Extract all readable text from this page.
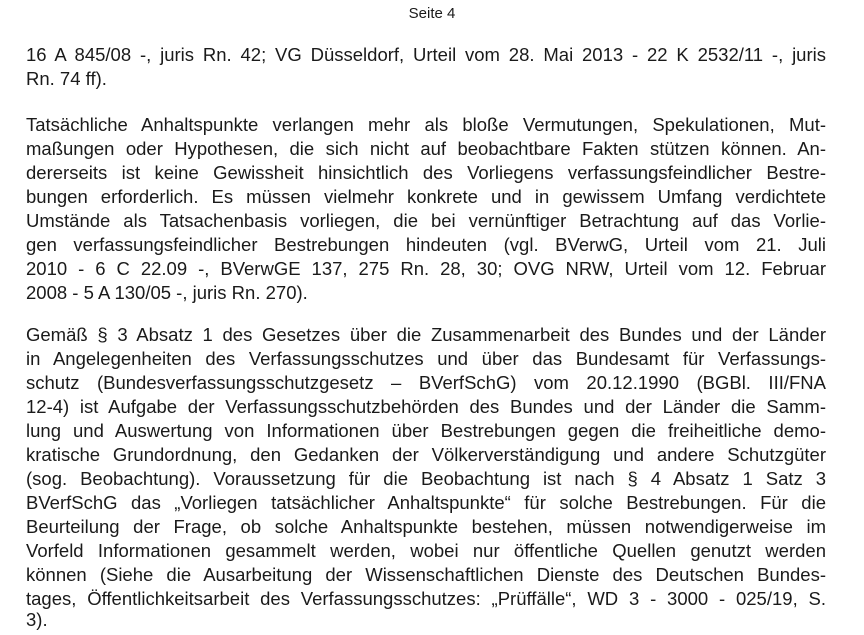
Seite 4
16 A 845/08 -, juris Rn. 42; VG Düsseldorf, Urteil vom 28. Mai 2013 - 22 K 2532/11 -, juris
Rn. 74 ff).
Tatsächliche Anhaltspunkte verlangen mehr als bloße Vermutungen, Spekulationen, Mut-
maßungen oder Hypothesen, die sich nicht auf beobachtbare Fakten stützen können. An-
dererseits ist keine Gewissheit hinsichtlich des Vorliegens verfassungsfeindlicher Bestre-
bungen erforderlich. Es müssen vielmehr konkrete und in gewissem Umfang verdichtete
Umstände als Tatsachenbasis vorliegen, die bei vernünftiger Betrachtung auf das Vorlie-
gen verfassungsfeindlicher Bestrebungen hindeuten (vgl. BVerwG, Urteil vom 21. Juli
2010 - 6 C 22.09 -, BVerwGE 137, 275 Rn. 28, 30; OVG NRW, Urteil vom 12. Februar
2008 - 5 A 130/05 -, juris Rn. 270).
Gemäß § 3 Absatz 1 des Gesetzes über die Zusammenarbeit des Bundes und der Länder
in Angelegenheiten des Verfassungsschutzes und über das Bundesamt für Verfassungs-
schutz (Bundesverfassungsschutzgesetz – BVerfSchG) vom 20.12.1990 (BGBl. III/FNA
12-4) ist Aufgabe der Verfassungsschutzbehörden des Bundes und der Länder die Samm-
lung und Auswertung von Informationen über Bestrebungen gegen die freiheitliche demo-
kratische Grundordnung, den Gedanken der Völkerverständigung und andere Schutzgüter
(sog. Beobachtung). Voraussetzung für die Beobachtung ist nach § 4 Absatz 1 Satz 3
BVerfSchG das „Vorliegen tatsächlicher Anhaltspunkte“ für solche Bestrebungen. Für die
Beurteilung der Frage, ob solche Anhaltspunkte bestehen, müssen notwendigerweise im
Vorfeld Informationen gesammelt werden, wobei nur öffentliche Quellen genutzt werden
können (Siehe die Ausarbeitung der Wissenschaftlichen Dienste des Deutschen Bundes-
tages, Öffentlichkeitsarbeit des Verfassungsschutzes: „Prüffälle“, WD 3 - 3000 - 025/19, S.
3).
